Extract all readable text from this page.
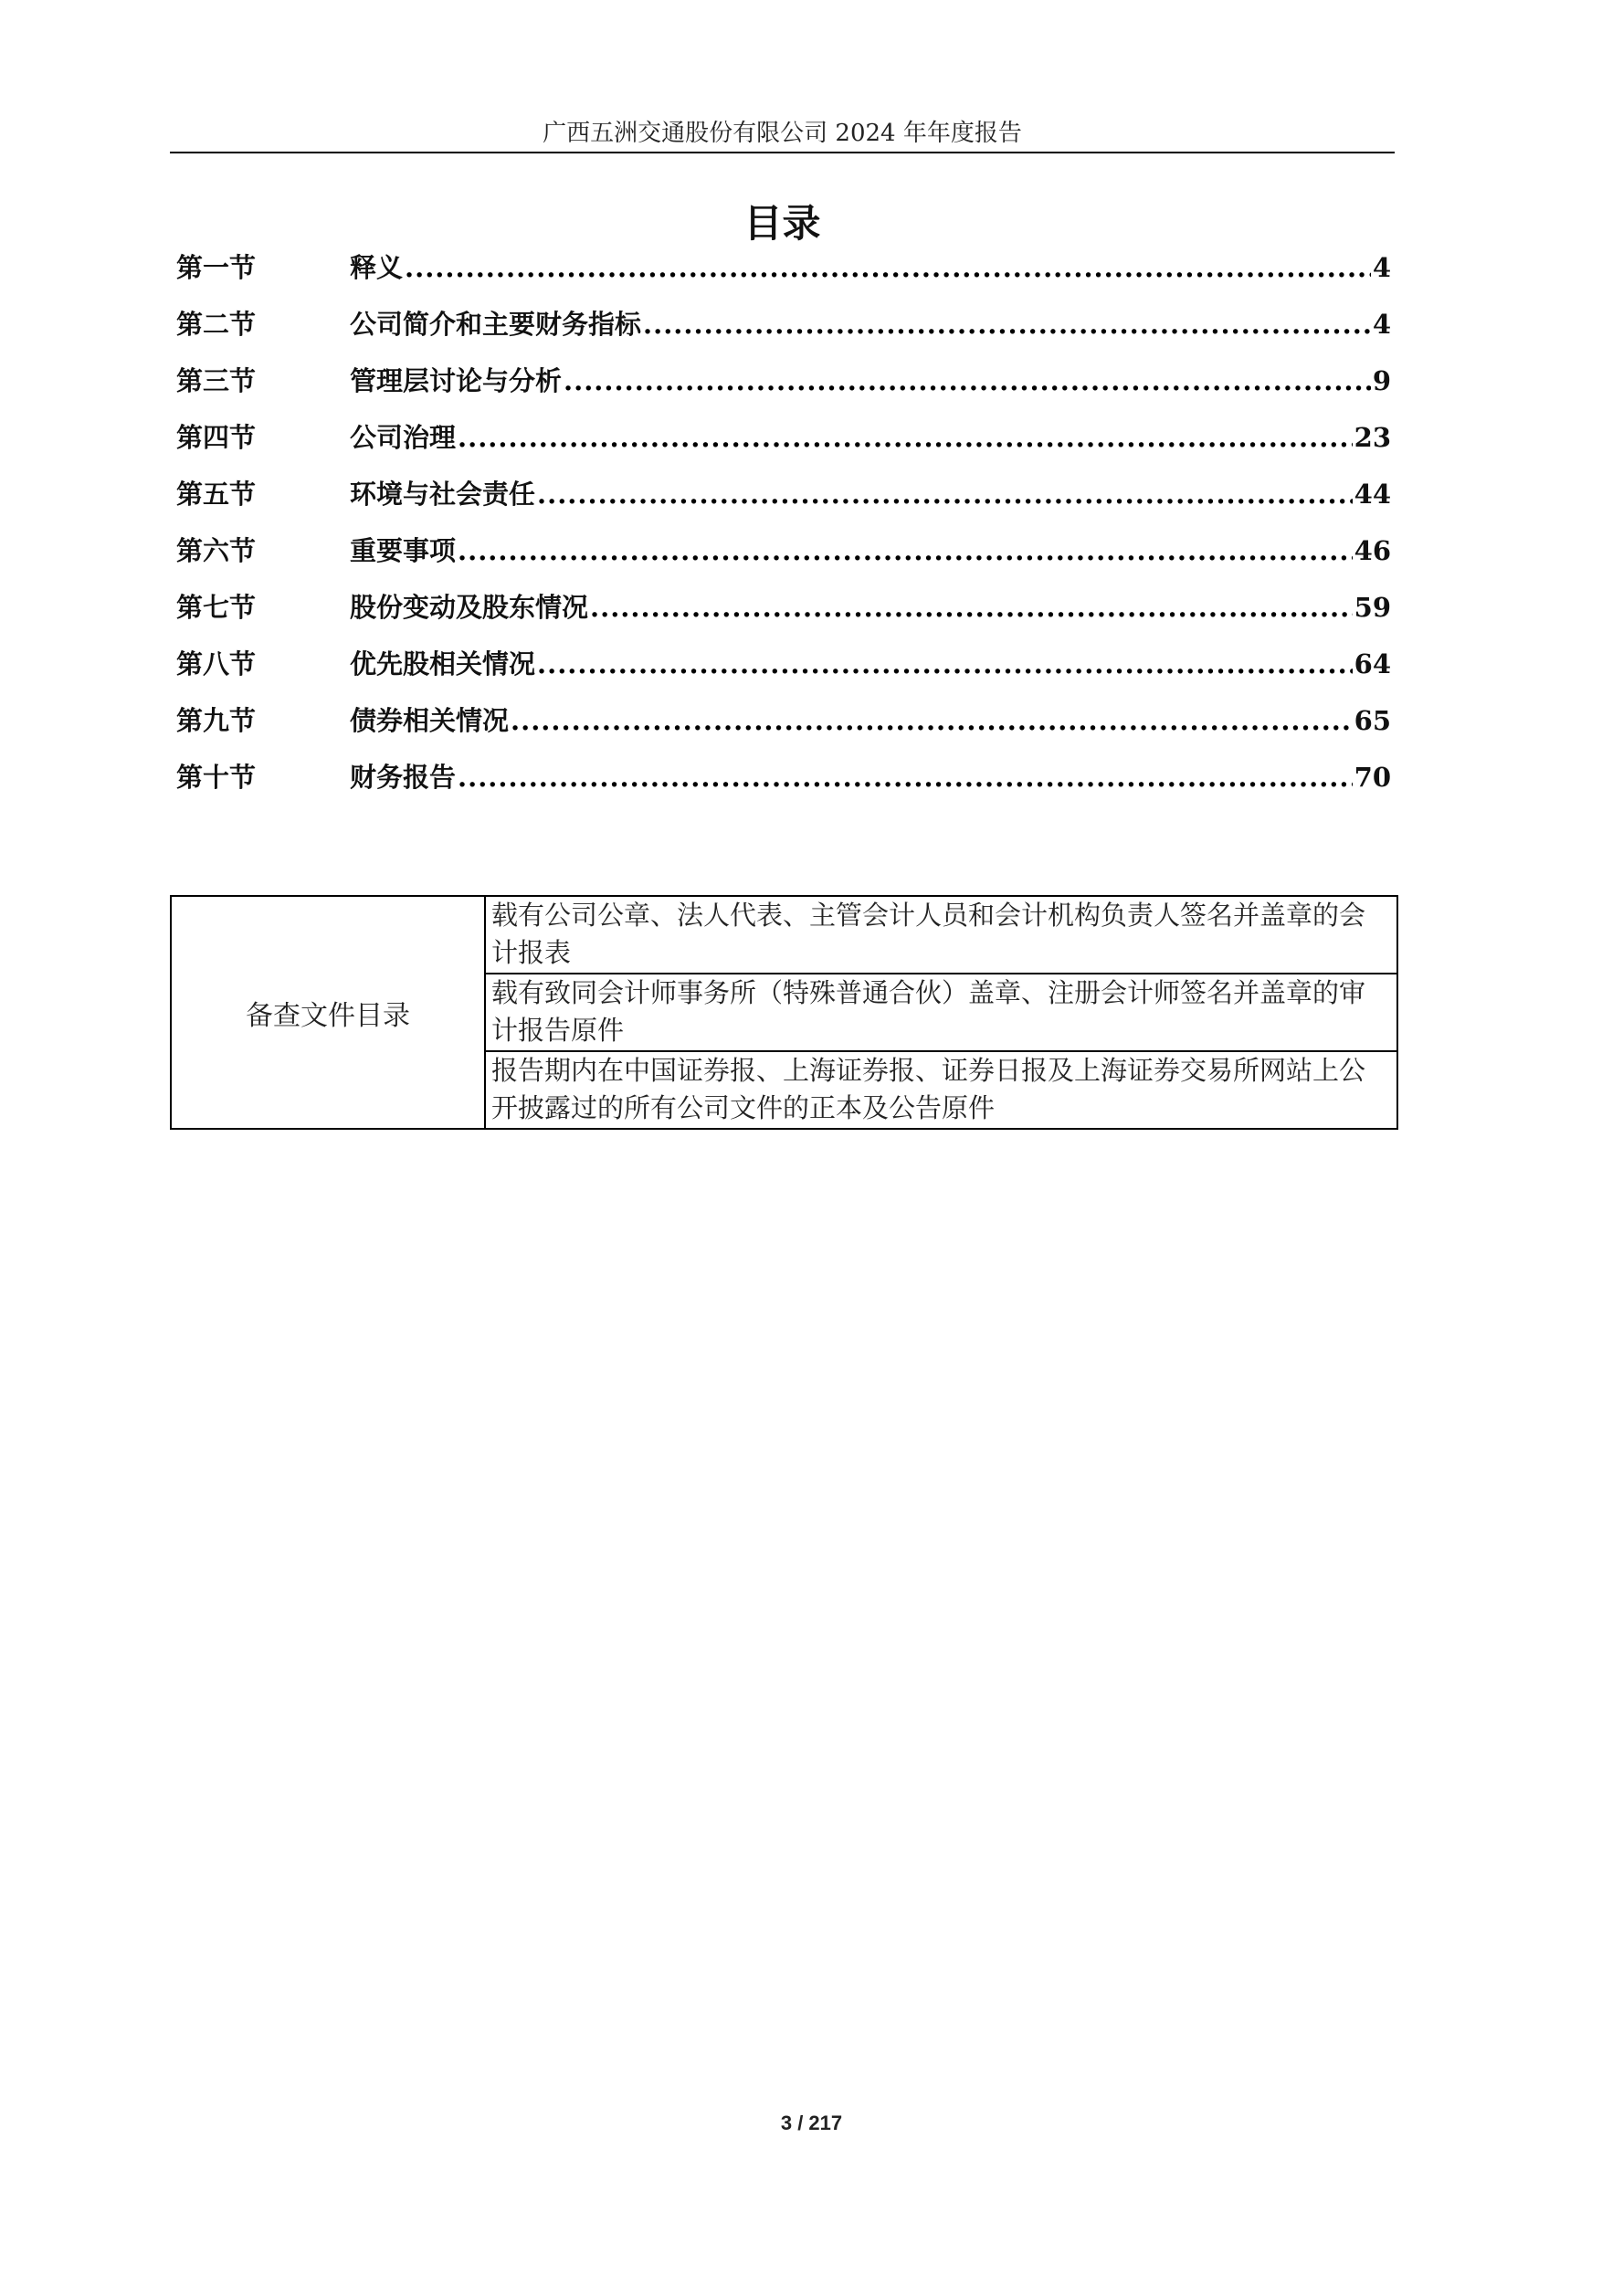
广西五洲交通股份有限公司 2024 年年度报告
目录
第一节	释义 .....	4
第二节	公司简介和主要财务指标 .....	4
第三节	管理层讨论与分析 .....	9
第四节	公司治理 .....	23
第五节	环境与社会责任 .....	44
第六节	重要事项 .....	46
第七节	股份变动及股东情况 .....	59
第八节	优先股相关情况 .....	64
第九节	债券相关情况 .....	65
第十节	财务报告 .....	70
备查文件目录	载有公司公章、法人代表、主管会计人员和会计机构负责人签名并盖章的会计报表
载有致同会计师事务所（特殊普通合伙）盖章、注册会计师签名并盖章的审计报告原件
报告期内在中国证券报、上海证券报、证券日报及上海证券交易所网站上公开披露过的所有公司文件的正本及公告原件
3 / 217
